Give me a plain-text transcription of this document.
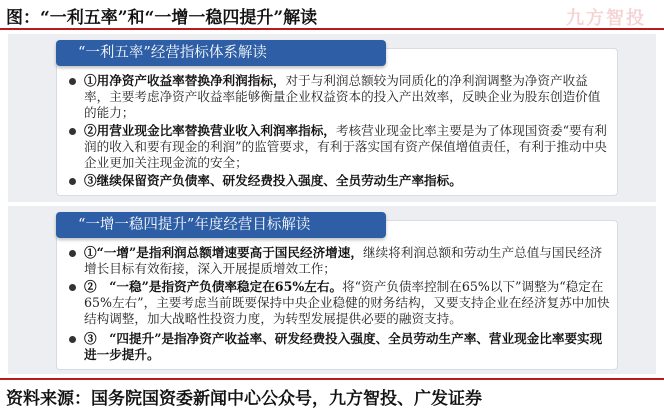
图：“一利五率”和“一增一稳四提升”解读	九方智投
①用净资产收益率替换净利润指标，对于与利润总额较为同质化的净利润调整为净资产收益率，主要考虑净资产收益率能够衡量企业权益资本的投入产出效率，反映企业为股东创造价值的能力；
②用营业现金比率替换营业收入利润率指标，考核营业现金比率主要是为了体现国资委“要有利润的收入和要有现金的利润”的监管要求，有利于落实国有资产保值增值责任，有利于推动中央企业更加关注现金流的安全；
③继续保留资产负债率、研发经费投入强度、全员劳动生产率指标。
“一利五率”经营指标体系解读
①“一增”是指利润总额增速要高于国民经济增速，继续将利润总额和劳动生产总值与国民经济增长目标有效衔接，深入开展提质增效工作；
②　“一稳”是指资产负债率稳定在65%左右。将“资产负债率控制在65%以下”调整为“稳定在65%左右”，主要考虑当前既要保持中央企业稳健的财务结构，又要支持企业在经济复苏中加快结构调整，加大战略性投资力度，为转型发展提供必要的融资支持。
③　“四提升”是指净资产收益率、研发经费投入强度、全员劳动生产率、营业现金比率要实现进一步提升。
“一增一稳四提升”年度经营目标解读
资料来源：国务院国资委新闻中心公众号，九方智投、广发证券
